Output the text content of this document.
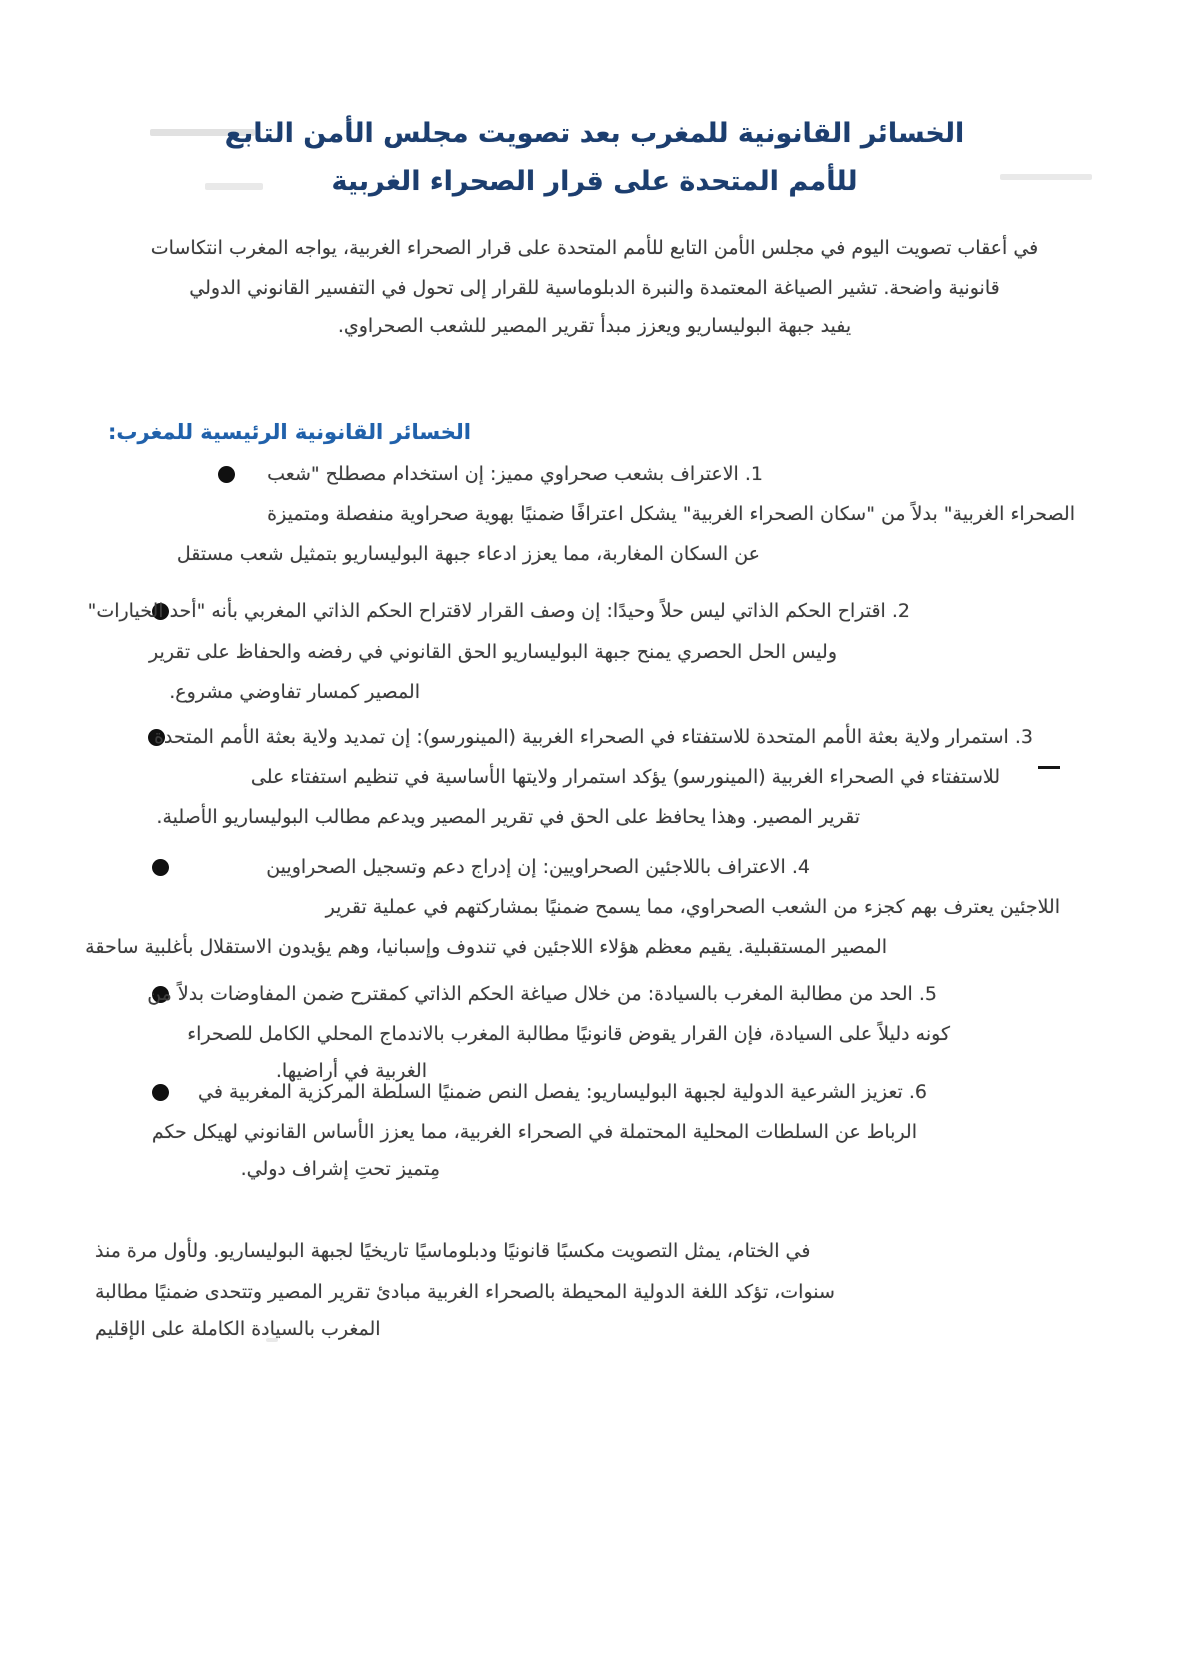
الخسائر القانونية للمغرب بعد تصويت مجلس الأمن التابع
للأمم المتحدة على قرار الصحراء الغربية
في أعقاب تصويت اليوم في مجلس الأمن التابع للأمم المتحدة على قرار الصحراء الغربية، يواجه المغرب انتكاسات
قانونية واضحة. تشير الصياغة المعتمدة والنبرة الدبلوماسية للقرار إلى تحول في التفسير القانوني الدولي
يفيد جبهة البوليساريو ويعزز مبدأ تقرير المصير للشعب الصحراوي.
الخسائر القانونية الرئيسية للمغرب:
1. الاعتراف بشعب صحراوي مميز: إن استخدام مصطلح "شعب
الصحراء الغربية" بدلاً من "سكان الصحراء الغربية" يشكل اعترافًا ضمنيًا بهوية صحراوية منفصلة ومتميزة
عن السكان المغاربة، مما يعزز ادعاء جبهة البوليساريو بتمثيل شعب مستقل
2. اقتراح الحكم الذاتي ليس حلاً وحيدًا: إن وصف القرار لاقتراح الحكم الذاتي المغربي بأنه "أحد الخيارات"
وليس الحل الحصري يمنح جبهة البوليساريو الحق القانوني في رفضه والحفاظ على تقرير
المصير كمسار تفاوضي مشروع.
3. استمرار ولاية بعثة الأمم المتحدة للاستفتاء في الصحراء الغربية (المينورسو): إن تمديد ولاية بعثة الأمم المتحدة
للاستفتاء في الصحراء الغربية (المينورسو) يؤكد استمرار ولايتها الأساسية في تنظيم استفتاء على
تقرير المصير. وهذا يحافظ على الحق في تقرير المصير ويدعم مطالب البوليساريو الأصلية.
4. الاعتراف باللاجئين الصحراويين: إن إدراج دعم وتسجيل الصحراويين
اللاجئين يعترف بهم كجزء من الشعب الصحراوي، مما يسمح ضمنيًا بمشاركتهم في عملية تقرير
المصير المستقبلية. يقيم معظم هؤلاء اللاجئين في تندوف وإسبانيا، وهم يؤيدون الاستقلال بأغلبية ساحقة
5. الحد من مطالبة المغرب بالسيادة: من خلال صياغة الحكم الذاتي كمقترح ضمن المفاوضات بدلاً من
كونه دليلاً على السيادة، فإن القرار يقوض قانونيًا مطالبة المغرب بالاندماج المحلي الكامل للصحراء
الغربية في أراضيها.
6. تعزيز الشرعية الدولية لجبهة البوليساريو: يفصل النص ضمنيًا السلطة المركزية المغربية في
الرباط عن السلطات المحلية المحتملة في الصحراء الغربية، مما يعزز الأساس القانوني لهيكل حكم
مِتميز تحتِ إشراف دولي.
في الختام، يمثل التصويت مكسبًا قانونيًا ودبلوماسيًا تاريخيًا لجبهة البوليساريو. ولأول مرة منذ
سنوات، تؤكد اللغة الدولية المحيطة بالصحراء الغربية مبادئ تقرير المصير وتتحدى ضمنيًا مطالبة
المغرب بالسيادة الكاملة على الإقليم
